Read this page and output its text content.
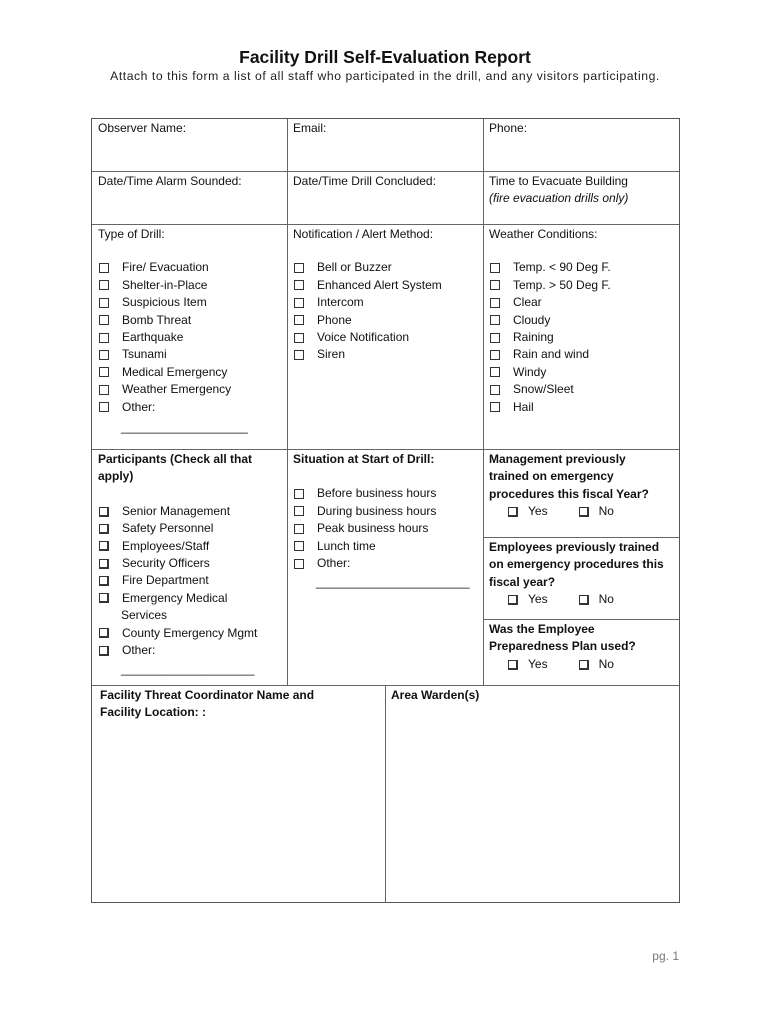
Facility Drill Self-Evaluation Report
Attach to this form a list of all staff who participated in the drill, and any visitors participating.
Observer Name:	Email:	Phone:
Date/Time Alarm Sounded:	Date/Time Drill Concluded:	Time to Evacuate Building
(fire evacuation drills only)
Type of Drill:
Fire/ Evacuation
Shelter-in-Place
Suspicious Item
Bomb Threat
Earthquake
Tsunami
Medical Emergency
Weather Emergency
Other:
___________________
Notification / Alert Method:
Bell or Buzzer
Enhanced Alert System
Intercom
Phone
Voice Notification
Siren
Weather Conditions:
Temp. < 90 Deg F.
Temp. > 50 Deg F.
Clear
Cloudy
Raining
Rain and wind
Windy
Snow/Sleet
Hail
Participants (Check all that
apply)
Senior Management
Safety Personnel
Employees/Staff
Security Officers
Fire Department
Emergency Medical
Services
County Emergency Mgmt
Other:
____________________
Situation at Start of Drill:
Before business hours
During business hours
Peak business hours
Lunch time
Other:
_______________________
Management previously
trained on emergency
procedures this fiscal Year?
Yes	No
Employees previously trained
on emergency procedures this
fiscal year?
Yes	No
Was the Employee
Preparedness Plan used?
Yes	No
Facility Threat Coordinator Name and
Facility Location: :
Area Warden(s)
pg. 1
